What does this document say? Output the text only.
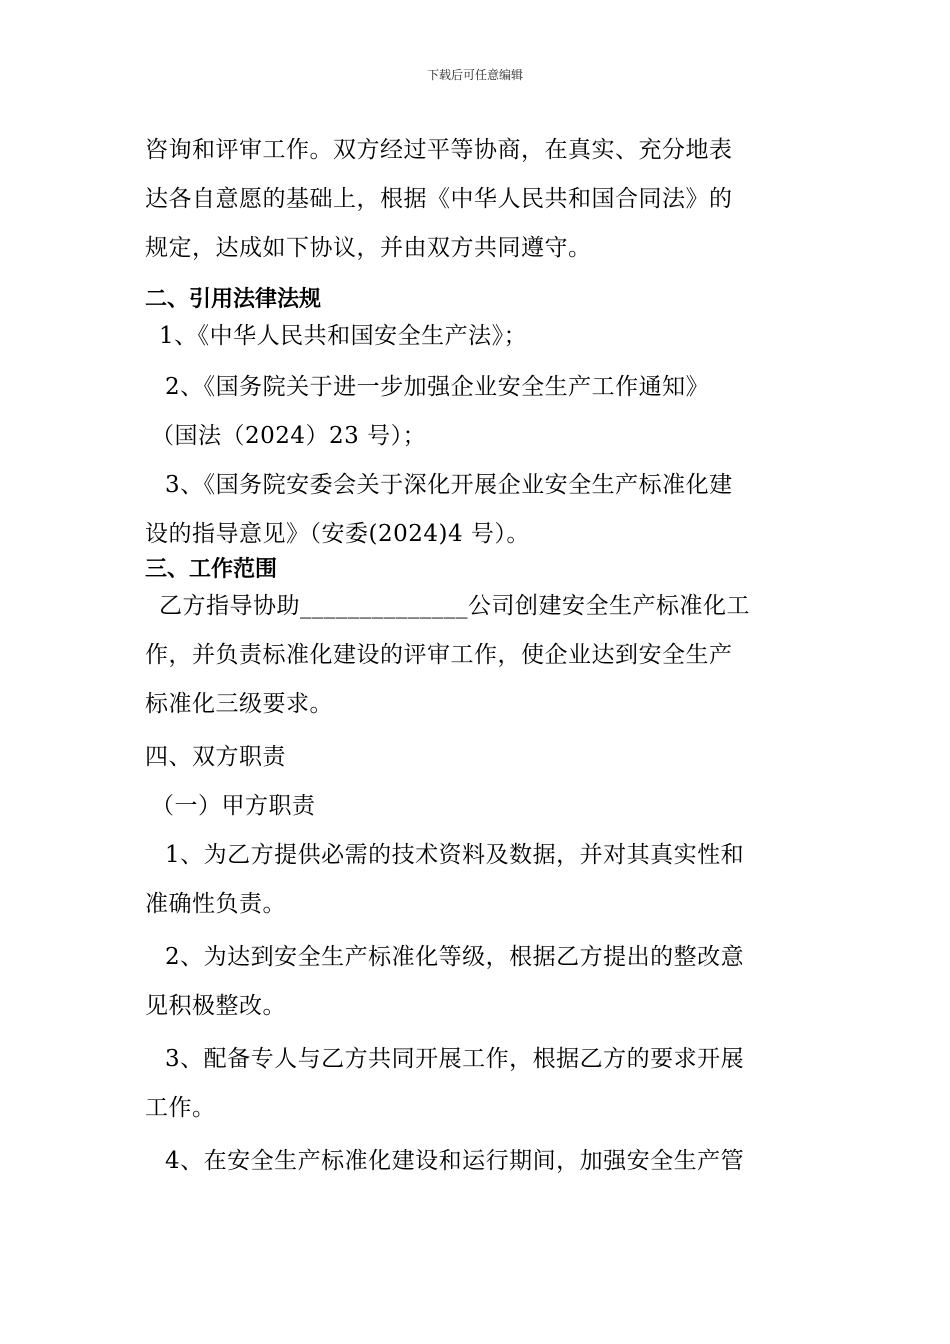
下载后可任意编辑
咨询和评审工作。双方经过平等协商，在真实、充分地表
达各自意愿的基础上，根据《中华人民共和国合同法》的
规定，达成如下协议，并由双方共同遵守。
二、引用法律法规
1、《中华人民共和国安全生产法》；
2、《国务院关于进一步加强企业安全生产工作通知》
（国法（2024）23 号）；
3、《国务院安委会关于深化开展企业安全生产标准化建
设的指导意见》（安委(2024)4 号）。
三、工作范围
乙方指导协助______________公司创建安全生产标准化工
作，并负责标准化建设的评审工作，使企业达到安全生产
标准化三级要求。
四、双方职责
（一）甲方职责
1、为乙方提供必需的技术资料及数据，并对其真实性和
准确性负责。
2、为达到安全生产标准化等级，根据乙方提出的整改意
见积极整改。
3、配备专人与乙方共同开展工作，根据乙方的要求开展
工作。
4、在安全生产标准化建设和运行期间，加强安全生产管
